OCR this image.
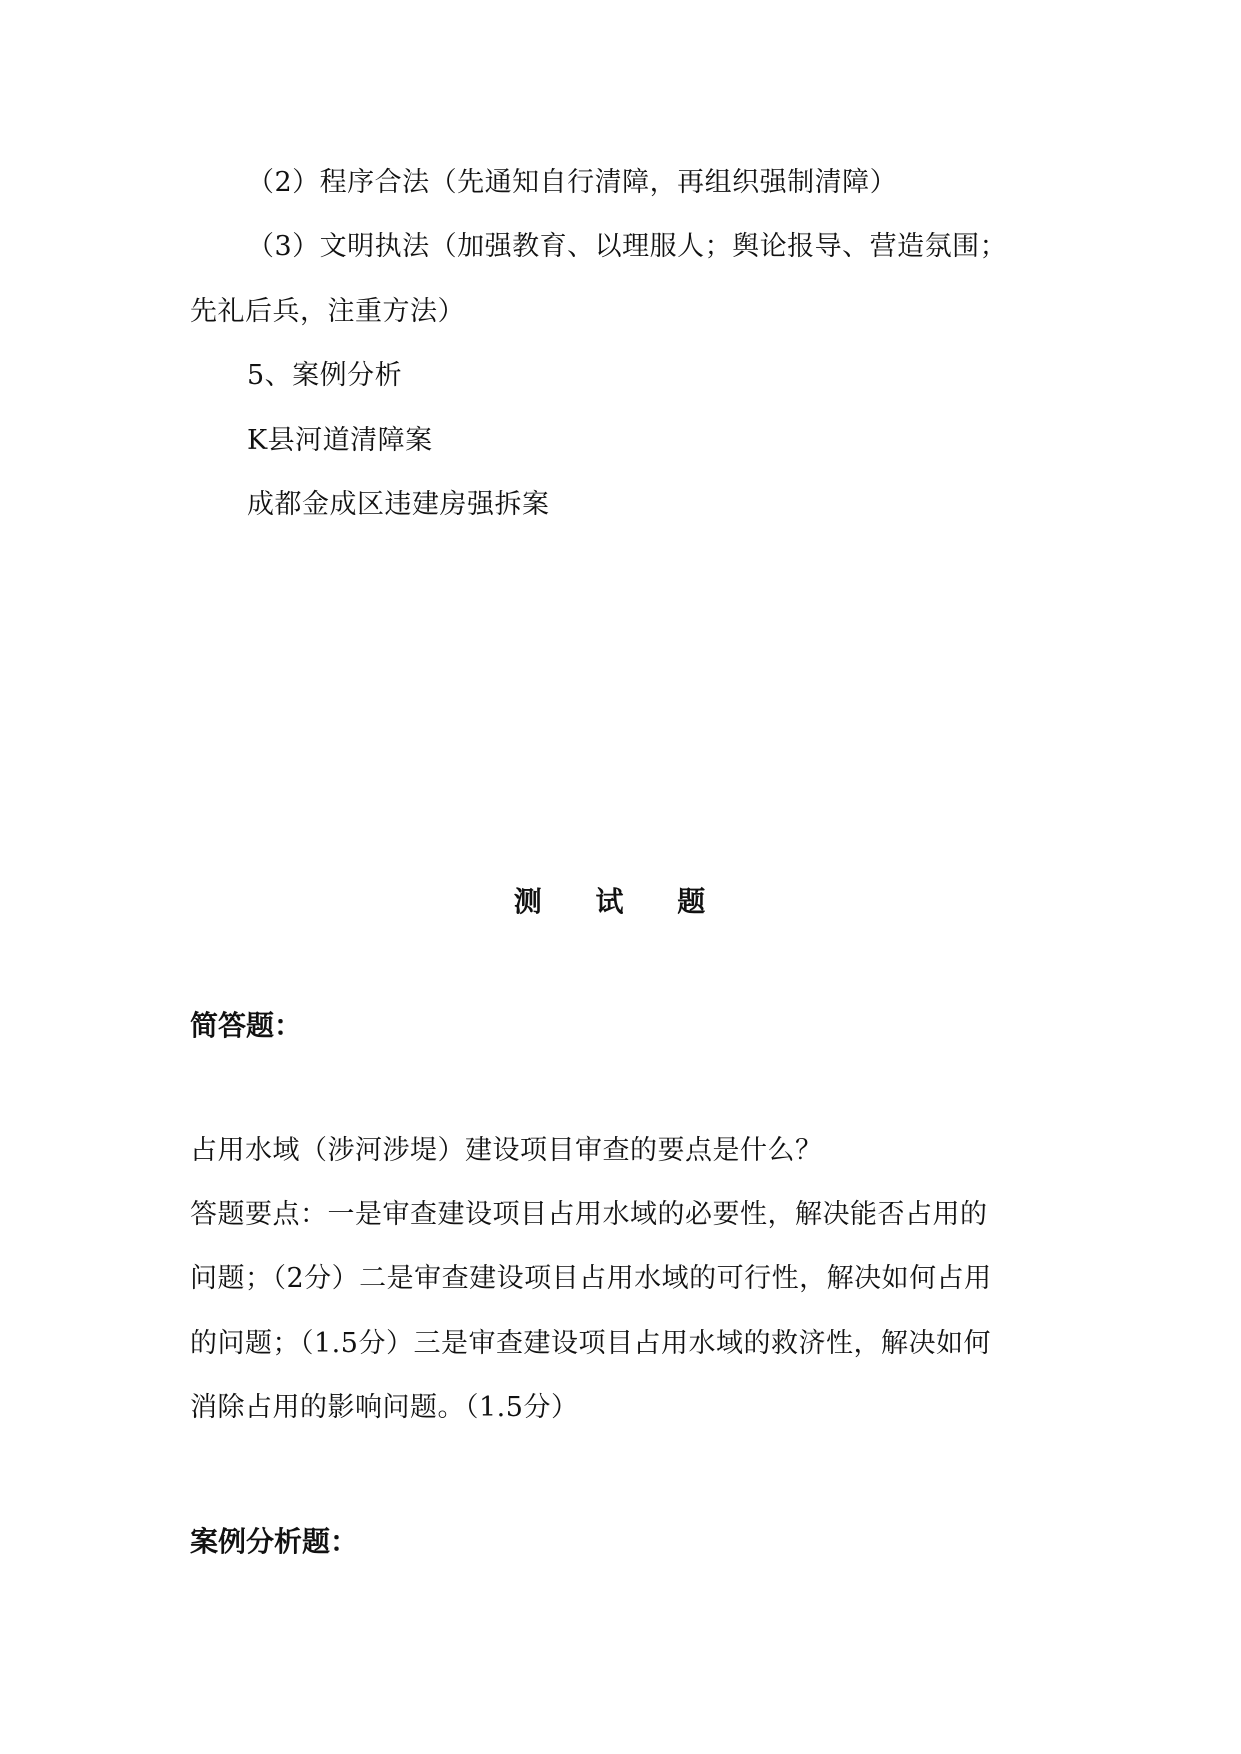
（2）程序合法（先通知自行清障，再组织强制清障）
（3）文明执法（加强教育、以理服人；舆论报导、营造氛围；
先礼后兵，注重方法）
5、案例分析
K县河道清障案
成都金成区违建房强拆案
测 试 题
简答题：
占用水域（涉河涉堤）建设项目审查的要点是什么？
答题要点：一是审查建设项目占用水域的必要性，解决能否占用的
问题；（2分）二是审查建设项目占用水域的可行性，解决如何占用
的问题；（1.5分）三是审查建设项目占用水域的救济性，解决如何
消除占用的影响问题。（1.5分）
案例分析题：
